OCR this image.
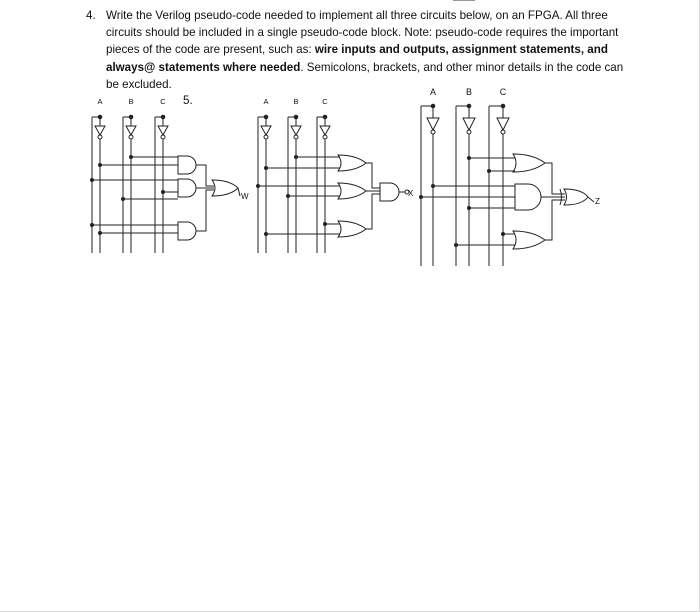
4. Write the Verilog pseudo-code needed to implement all three circuits below, on an FPGA. All three circuits should be included in a single pseudo-code block. Note: pseudo-code requires the important pieces of the code are present, such as: wire inputs and outputs, assignment statements, and always@ statements where needed. Semicolons, brackets, and other minor details in the code can be excluded.
5.
A	B	C
W
A	B	C
X
A	B	C
Z
